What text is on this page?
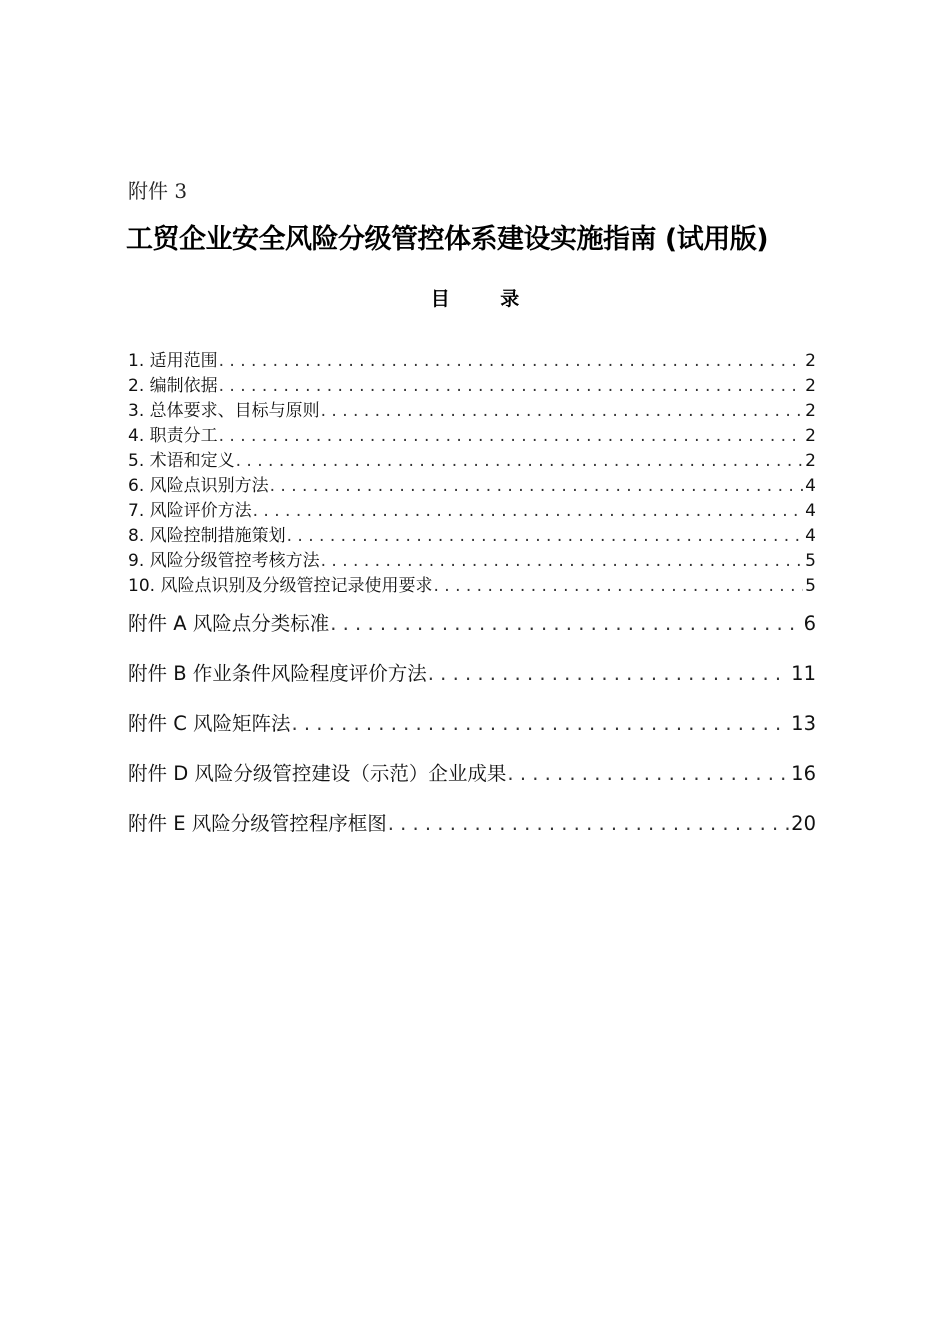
附件 3
工贸企业安全风险分级管控体系建设实施指南 (试用版)
目 录
1. 适用范围 . . .	2
2. 编制依据 . . .	2
3. 总体要求、目标与原则 . . .	2
4. 职责分工 . . .	2
5. 术语和定义 . . .	2
6. 风险点识别方法 . . .	4
7. 风险评价方法 . . .	4
8. 风险控制措施策划 . . .	4
9. 风险分级管控考核方法 . . .	5
10. 风险点识别及分级管控记录使用要求 . . .	5
附件 A 风险点分类标准 . . .	6
附件 B 作业条件风险程度评价方法 . . .	11
附件 C 风险矩阵法 . . .	13
附件 D 风险分级管控建设（示范）企业成果 . . .	16
附件 E 风险分级管控程序框图 . . .	20
